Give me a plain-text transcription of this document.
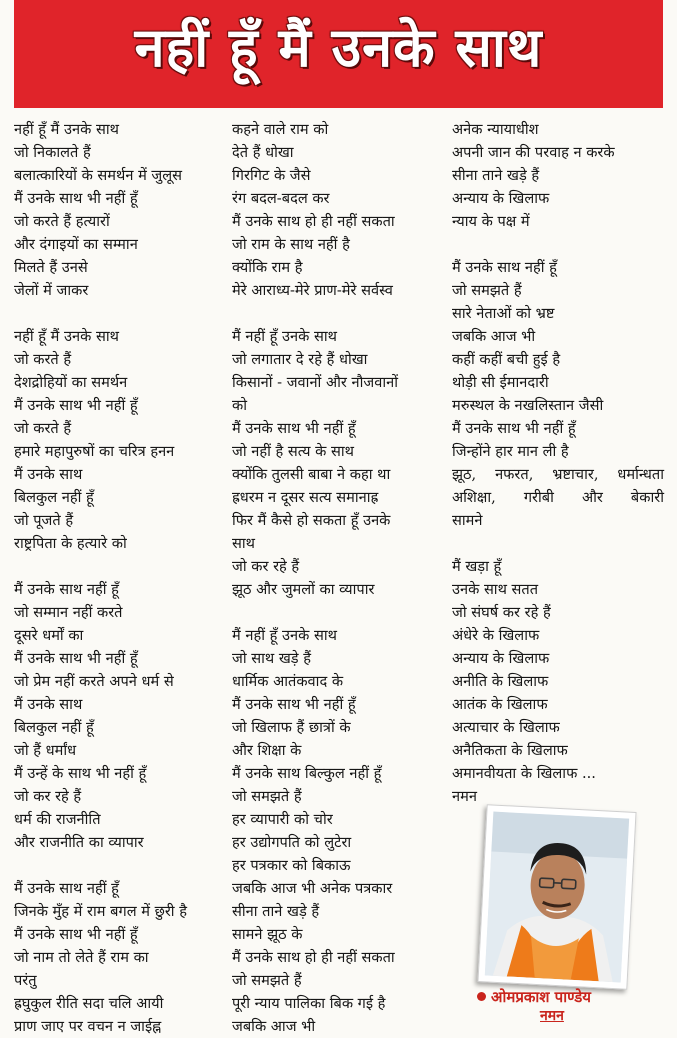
नहीं हूँ मैं उनके साथ
नहीं हूँ मैं उनके साथ
जो निकालते हैं
बलात्कारियों के समर्थन में जुलूस
मैं उनके साथ भी नहीं हूँ
जो करते हैं हत्यारों
और दंगाइयों का सम्मान
मिलते हैं उनसे
जेलों में जाकर
नहीं हूँ मैं उनके साथ
जो करते हैं
देशद्रोहियों का समर्थन
मैं उनके साथ भी नहीं हूँ
जो करते हैं
हमारे महापुरुषों का चरित्र हनन
मैं उनके साथ
बिलकुल नहीं हूँ
जो पूजते हैं
राष्ट्रपिता के हत्यारे को
मैं उनके साथ नहीं हूँ
जो सम्मान नहीं करते
दूसरे धर्मों का
मैं उनके साथ भी नहीं हूँ
जो प्रेम नहीं करते अपने धर्म से
मैं उनके साथ
बिलकुल नहीं हूँ
जो हैं धर्मांध
मैं उन्हें के साथ भी नहीं हूँ
जो कर रहे हैं
धर्म की राजनीति
और राजनीति का व्यापार
मैं उनके साथ नहीं हूँ
जिनके मुँह में राम बगल में छुरी है
मैं उनके साथ भी नहीं हूँ
जो नाम तो लेते हैं राम का
परंतु
ह्रघुकुल रीति सदा चलि आयी
प्राण जाए पर वचन न जाईह्न
कहने वाले राम को
देते हैं धोखा
गिरगिट के जैसे
रंग बदल-बदल कर
मैं उनके साथ हो ही नहीं सकता
जो राम के साथ नहीं है
क्योंकि राम है
मेरे आराध्य-मेरे प्राण-मेरे सर्वस्व
मैं नहीं हूँ उनके साथ
जो लगातार दे रहे हैं धोखा
किसानों - जवानों और नौजवानों
को
मैं उनके साथ भी नहीं हूँ
जो नहीं है सत्य के साथ
क्योंकि तुलसी बाबा ने कहा था
ह्रधरम न दूसर सत्य समानाह्र
फिर मैं कैसे हो सकता हूँ उनके
साथ
जो कर रहे हैं
झूठ और जुमलों का व्यापार
मैं नहीं हूँ उनके साथ
जो साथ खड़े हैं
धार्मिक आतंकवाद के
मैं उनके साथ भी नहीं हूँ
जो खिलाफ हैं छात्रों के
और शिक्षा के
मैं उनके साथ बिल्कुल नहीं हूँ
जो समझते हैं
हर व्यापारी को चोर
हर उद्योगपति को लुटेरा
हर पत्रकार को बिकाऊ
जबकि आज भी अनेक पत्रकार
सीना ताने खड़े हैं
सामने झूठ के
मैं उनके साथ हो ही नहीं सकता
जो समझते हैं
पूरी न्याय पालिका बिक गई है
जबकि आज भी
अनेक न्यायाधीश
अपनी जान की परवाह न करके
सीना ताने खड़े हैं
अन्याय के खिलाफ
न्याय के पक्ष में
मैं उनके साथ नहीं हूँ
जो समझते हैं
सारे नेताओं को भ्रष्ट
जबकि आज भी
कहीं कहीं बची हुई है
थोड़ी सी ईमानदारी
मरुस्थल के नखलिस्तान जैसी
मैं उनके साथ भी नहीं हूँ
जिन्होंने हार मान ली है
झूठ, नफरत, भ्रष्टाचार, धर्मान्धता
अशिक्षा, गरीबी और बेकारी
सामने
मैं खड़ा हूँ
उनके साथ सतत
जो संघर्ष कर रहे हैं
अंधेरे के खिलाफ
अन्याय के खिलाफ
अनीति के खिलाफ
आतंक के खिलाफ
अत्याचार के खिलाफ
अनैतिकता के खिलाफ
अमानवीयता के खिलाफ ...
नमन
ओमप्रकाश पाण्डेय
नमन
